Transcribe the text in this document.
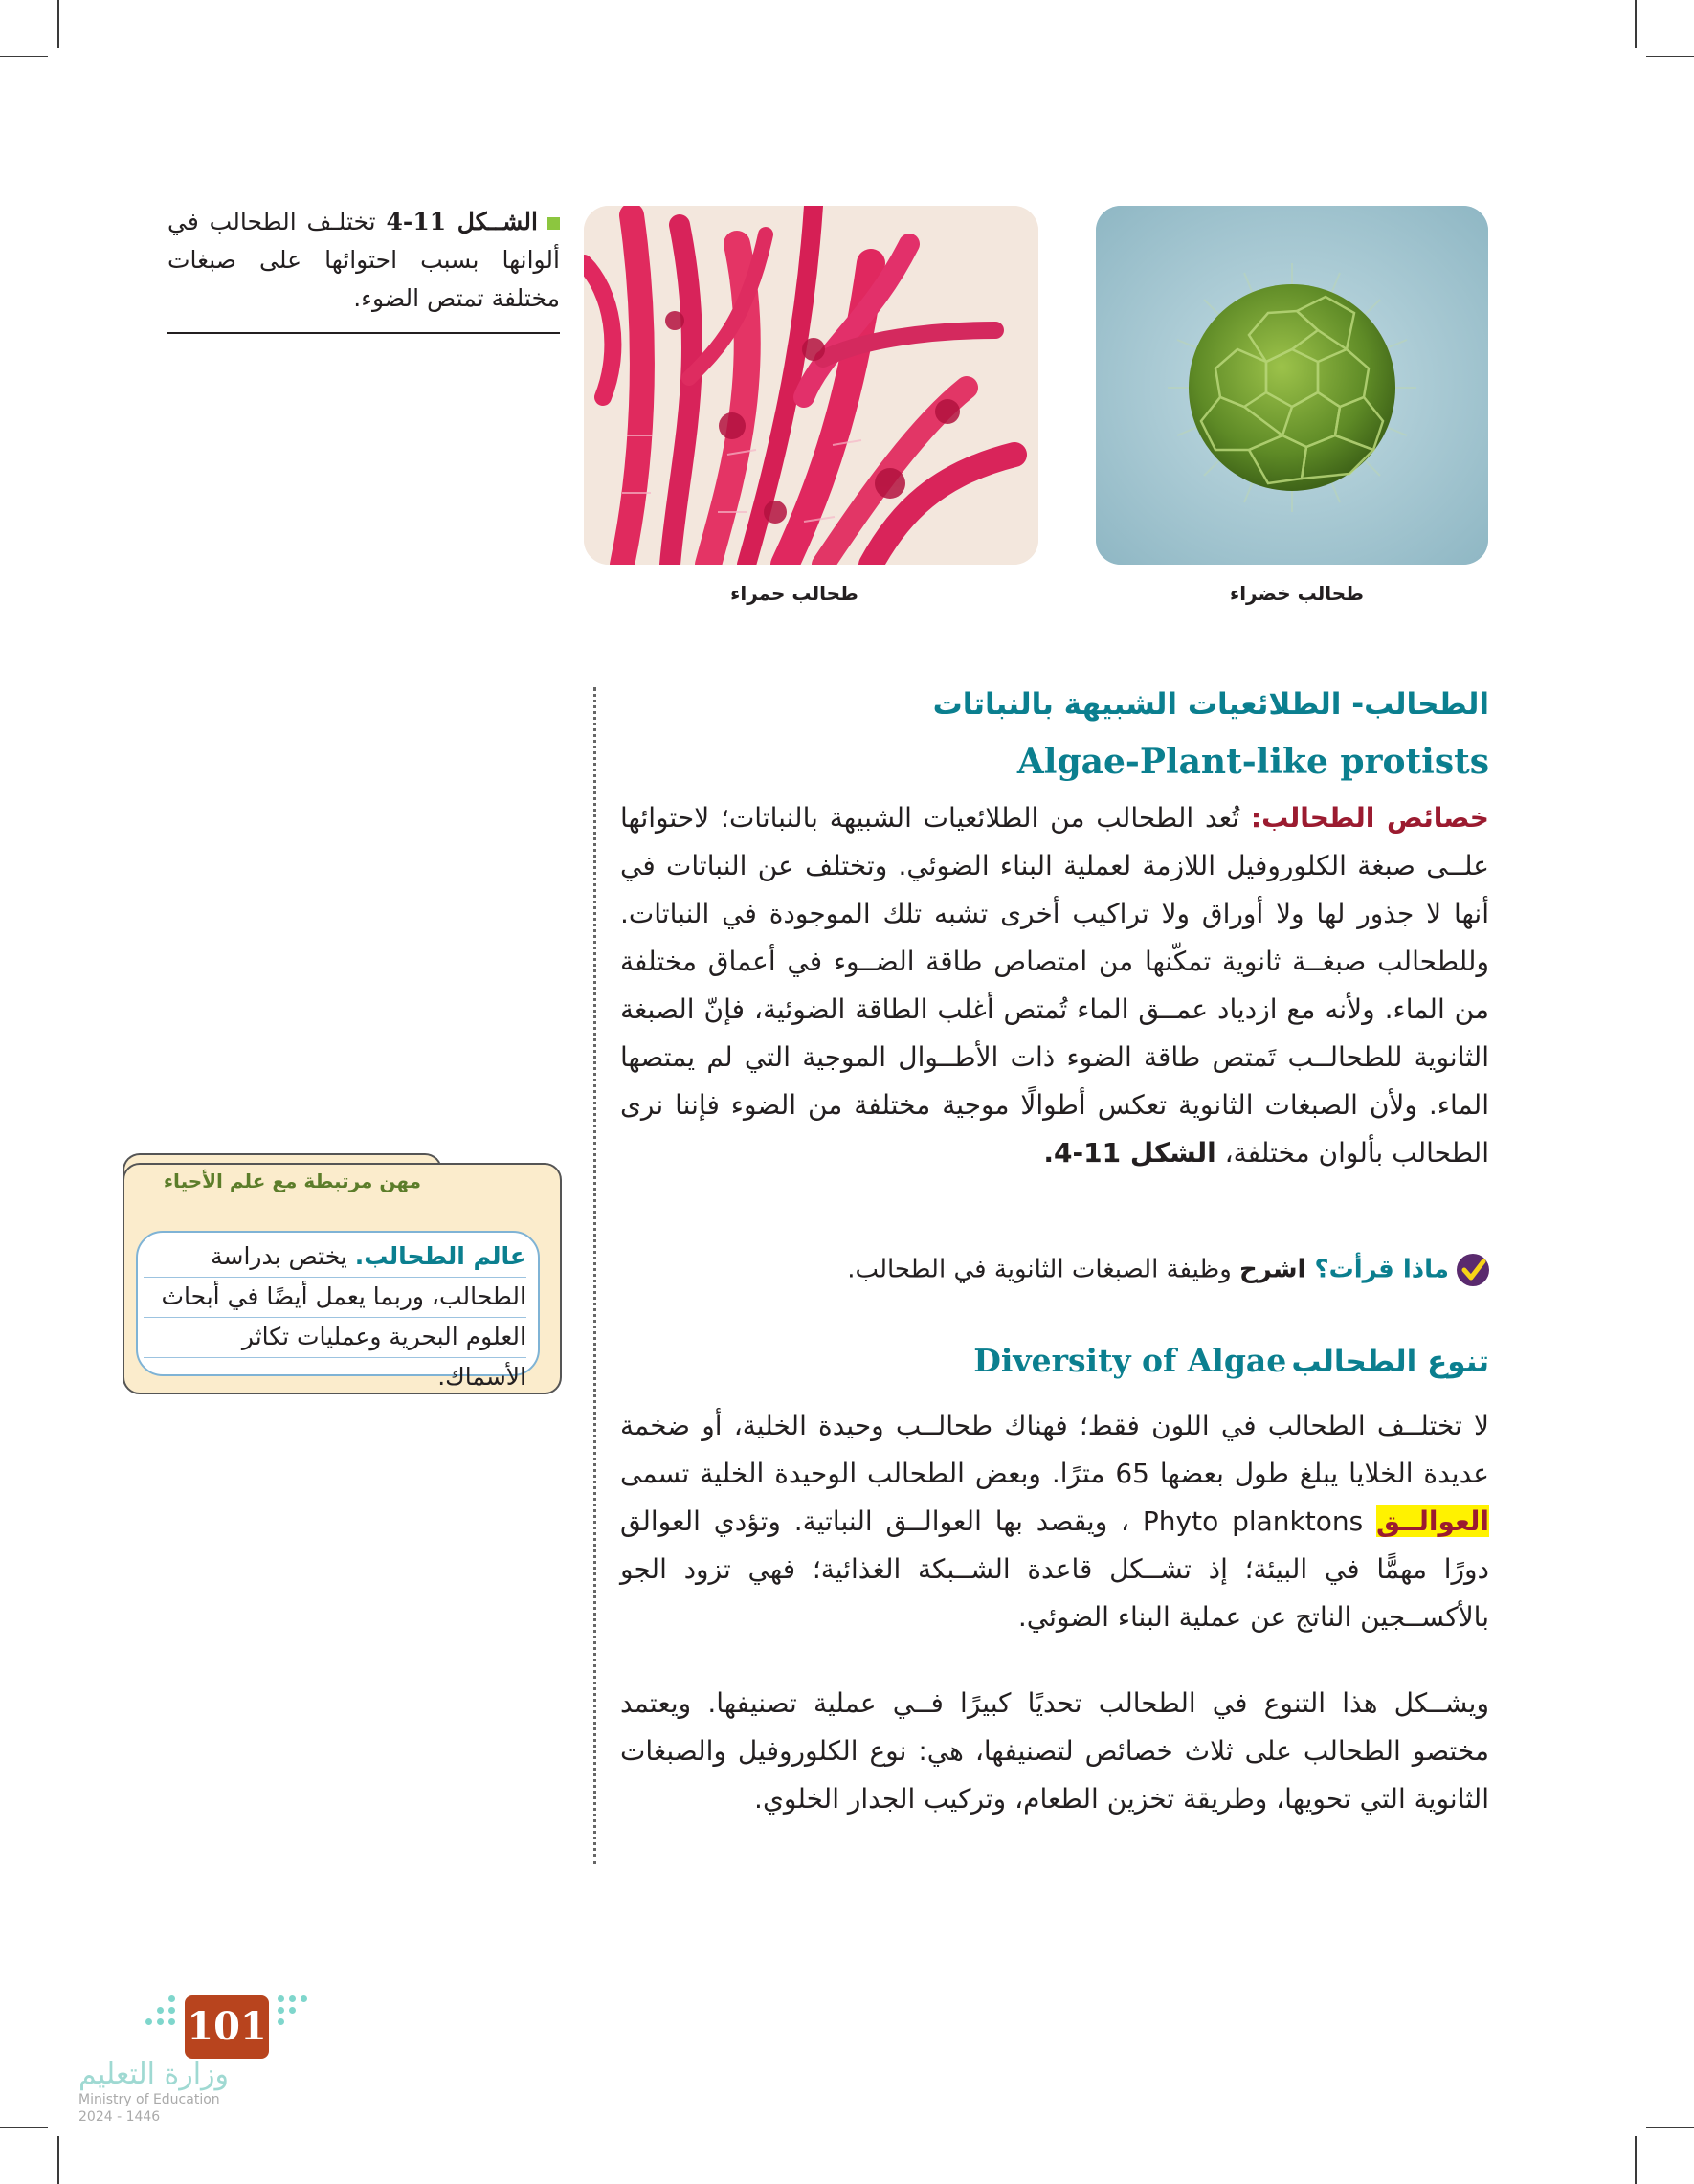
طحالب خضراء
طحالب حمراء
الشــكل 11-4 تختلـف الطحالب في ألوانها بسبب احتوائها على صبغات مختلفة تمتص الضوء.
الطحالب- الطلائعيات الشبيهة بالنباتات
Algae-Plant-like protists
خصائص الطحالب: تُعد الطحالب من الطلائعيات الشبيهة بالنباتات؛ لاحتوائها علــى صبغة الكلوروفيل اللازمة لعملية البناء الضوئي. وتختلف عن النباتات في أنها لا جذور لها ولا أوراق ولا تراكيب أخرى تشبه تلك الموجودة في النباتات. وللطحالب صبغــة ثانوية تمكّنها من امتصاص طاقة الضــوء في أعماق مختلفة من الماء. ولأنه مع ازدياد عمــق الماء تُمتص أغلب الطاقة الضوئية، فإنّ الصبغة الثانوية للطحالــب تَمتص طاقة الضوء ذات الأطــوال الموجية التي لم يمتصها الماء. ولأن الصبغات الثانوية تعكس أطوالًا موجية مختلفة من الضوء فإننا نرى الطحالب بألوان مختلفة، الشكل 11-4.
ماذا قرأت؟ اشرح وظيفة الصبغات الثانوية في الطحالب.
تنوع الطحالب Diversity of Algae
لا تختلــف الطحالب في اللون فقط؛ فهناك طحالــب وحيدة الخلية، أو ضخمة عديدة الخلايا يبلغ طول بعضها 65 مترًا. وبعض الطحالب الوحيدة الخلية تسمى العوالــق Phyto planktons ، ويقصد بها العوالــق النباتية. وتؤدي العوالق دورًا مهمًّا في البيئة؛ إذ تشــكل قاعدة الشــبكة الغذائية؛ فهي تزود الجو بالأكســجين الناتج عن عملية البناء الضوئي.
ويشــكل هذا التنوع في الطحالب تحديًا كبيرًا فــي عملية تصنيفها. ويعتمد مختصو الطحالب على ثلاث خصائص لتصنيفها، هي: نوع الكلوروفيل والصبغات الثانوية التي تحويها، وطريقة تخزين الطعام، وتركيب الجدار الخلوي.
مهن مرتبطة مع علم الأحياء
عالم الطحالب. يختص بدراسة الطحالب، وربما يعمل أيضًا في أبحاث العلوم البحرية وعمليات تكاثر الأسماك.
101
وزارة التعليم
Ministry of Education
2024 - 1446
